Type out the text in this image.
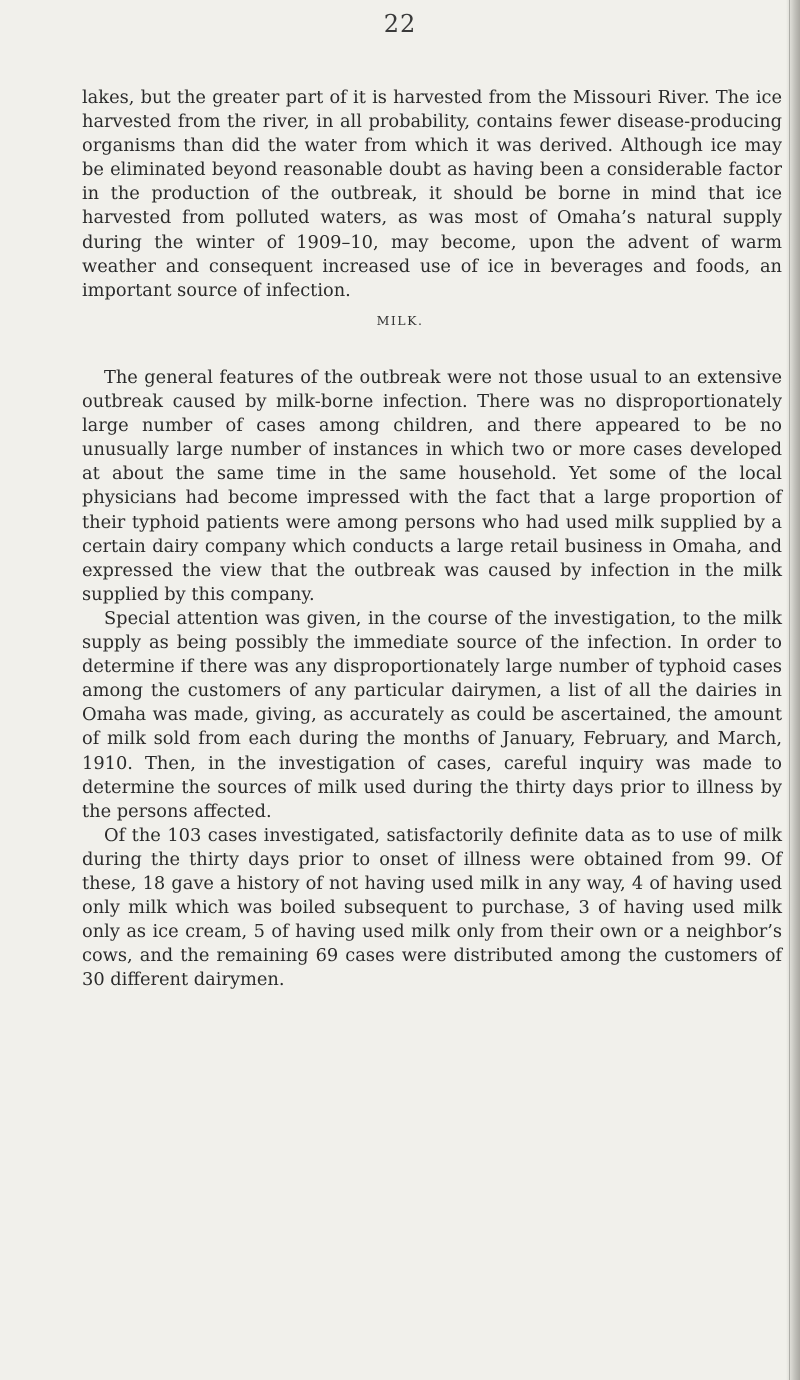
22

lakes, but the greater part of it is harvested from the Missouri River. The ice harvested from the river, in all probability, contains fewer disease-producing organisms than did the water from which it was derived. Although ice may be eliminated beyond reasonable doubt as having been a considerable factor in the production of the outbreak, it should be borne in mind that ice harvested from polluted waters, as was most of Omaha’s natural supply during the winter of 1909–10, may become, upon the advent of warm weather and consequent increased use of ice in beverages and foods, an important source of infection.

MILK.

The general features of the outbreak were not those usual to an extensive outbreak caused by milk-borne infection. There was no disproportionately large number of cases among children, and there appeared to be no unusually large number of instances in which two or more cases developed at about the same time in the same household. Yet some of the local physicians had become impressed with the fact that a large proportion of their typhoid patients were among persons who had used milk supplied by a certain dairy company which conducts a large retail business in Omaha, and expressed the view that the outbreak was caused by infection in the milk supplied by this company.

Special attention was given, in the course of the investigation, to the milk supply as being possibly the immediate source of the infection. In order to determine if there was any disproportionately large number of typhoid cases among the customers of any particular dairymen, a list of all the dairies in Omaha was made, giving, as accurately as could be ascertained, the amount of milk sold from each during the months of January, February, and March, 1910. Then, in the investigation of cases, careful inquiry was made to determine the sources of milk used during the thirty days prior to illness by the persons affected.

Of the 103 cases investigated, satisfactorily definite data as to use of milk during the thirty days prior to onset of illness were obtained from 99. Of these, 18 gave a history of not having used milk in any way, 4 of having used only milk which was boiled subsequent to purchase, 3 of having used milk only as ice cream, 5 of having used milk only from their own or a neighbor’s cows, and the remaining 69 cases were distributed among the customers of 30 different dairymen.
